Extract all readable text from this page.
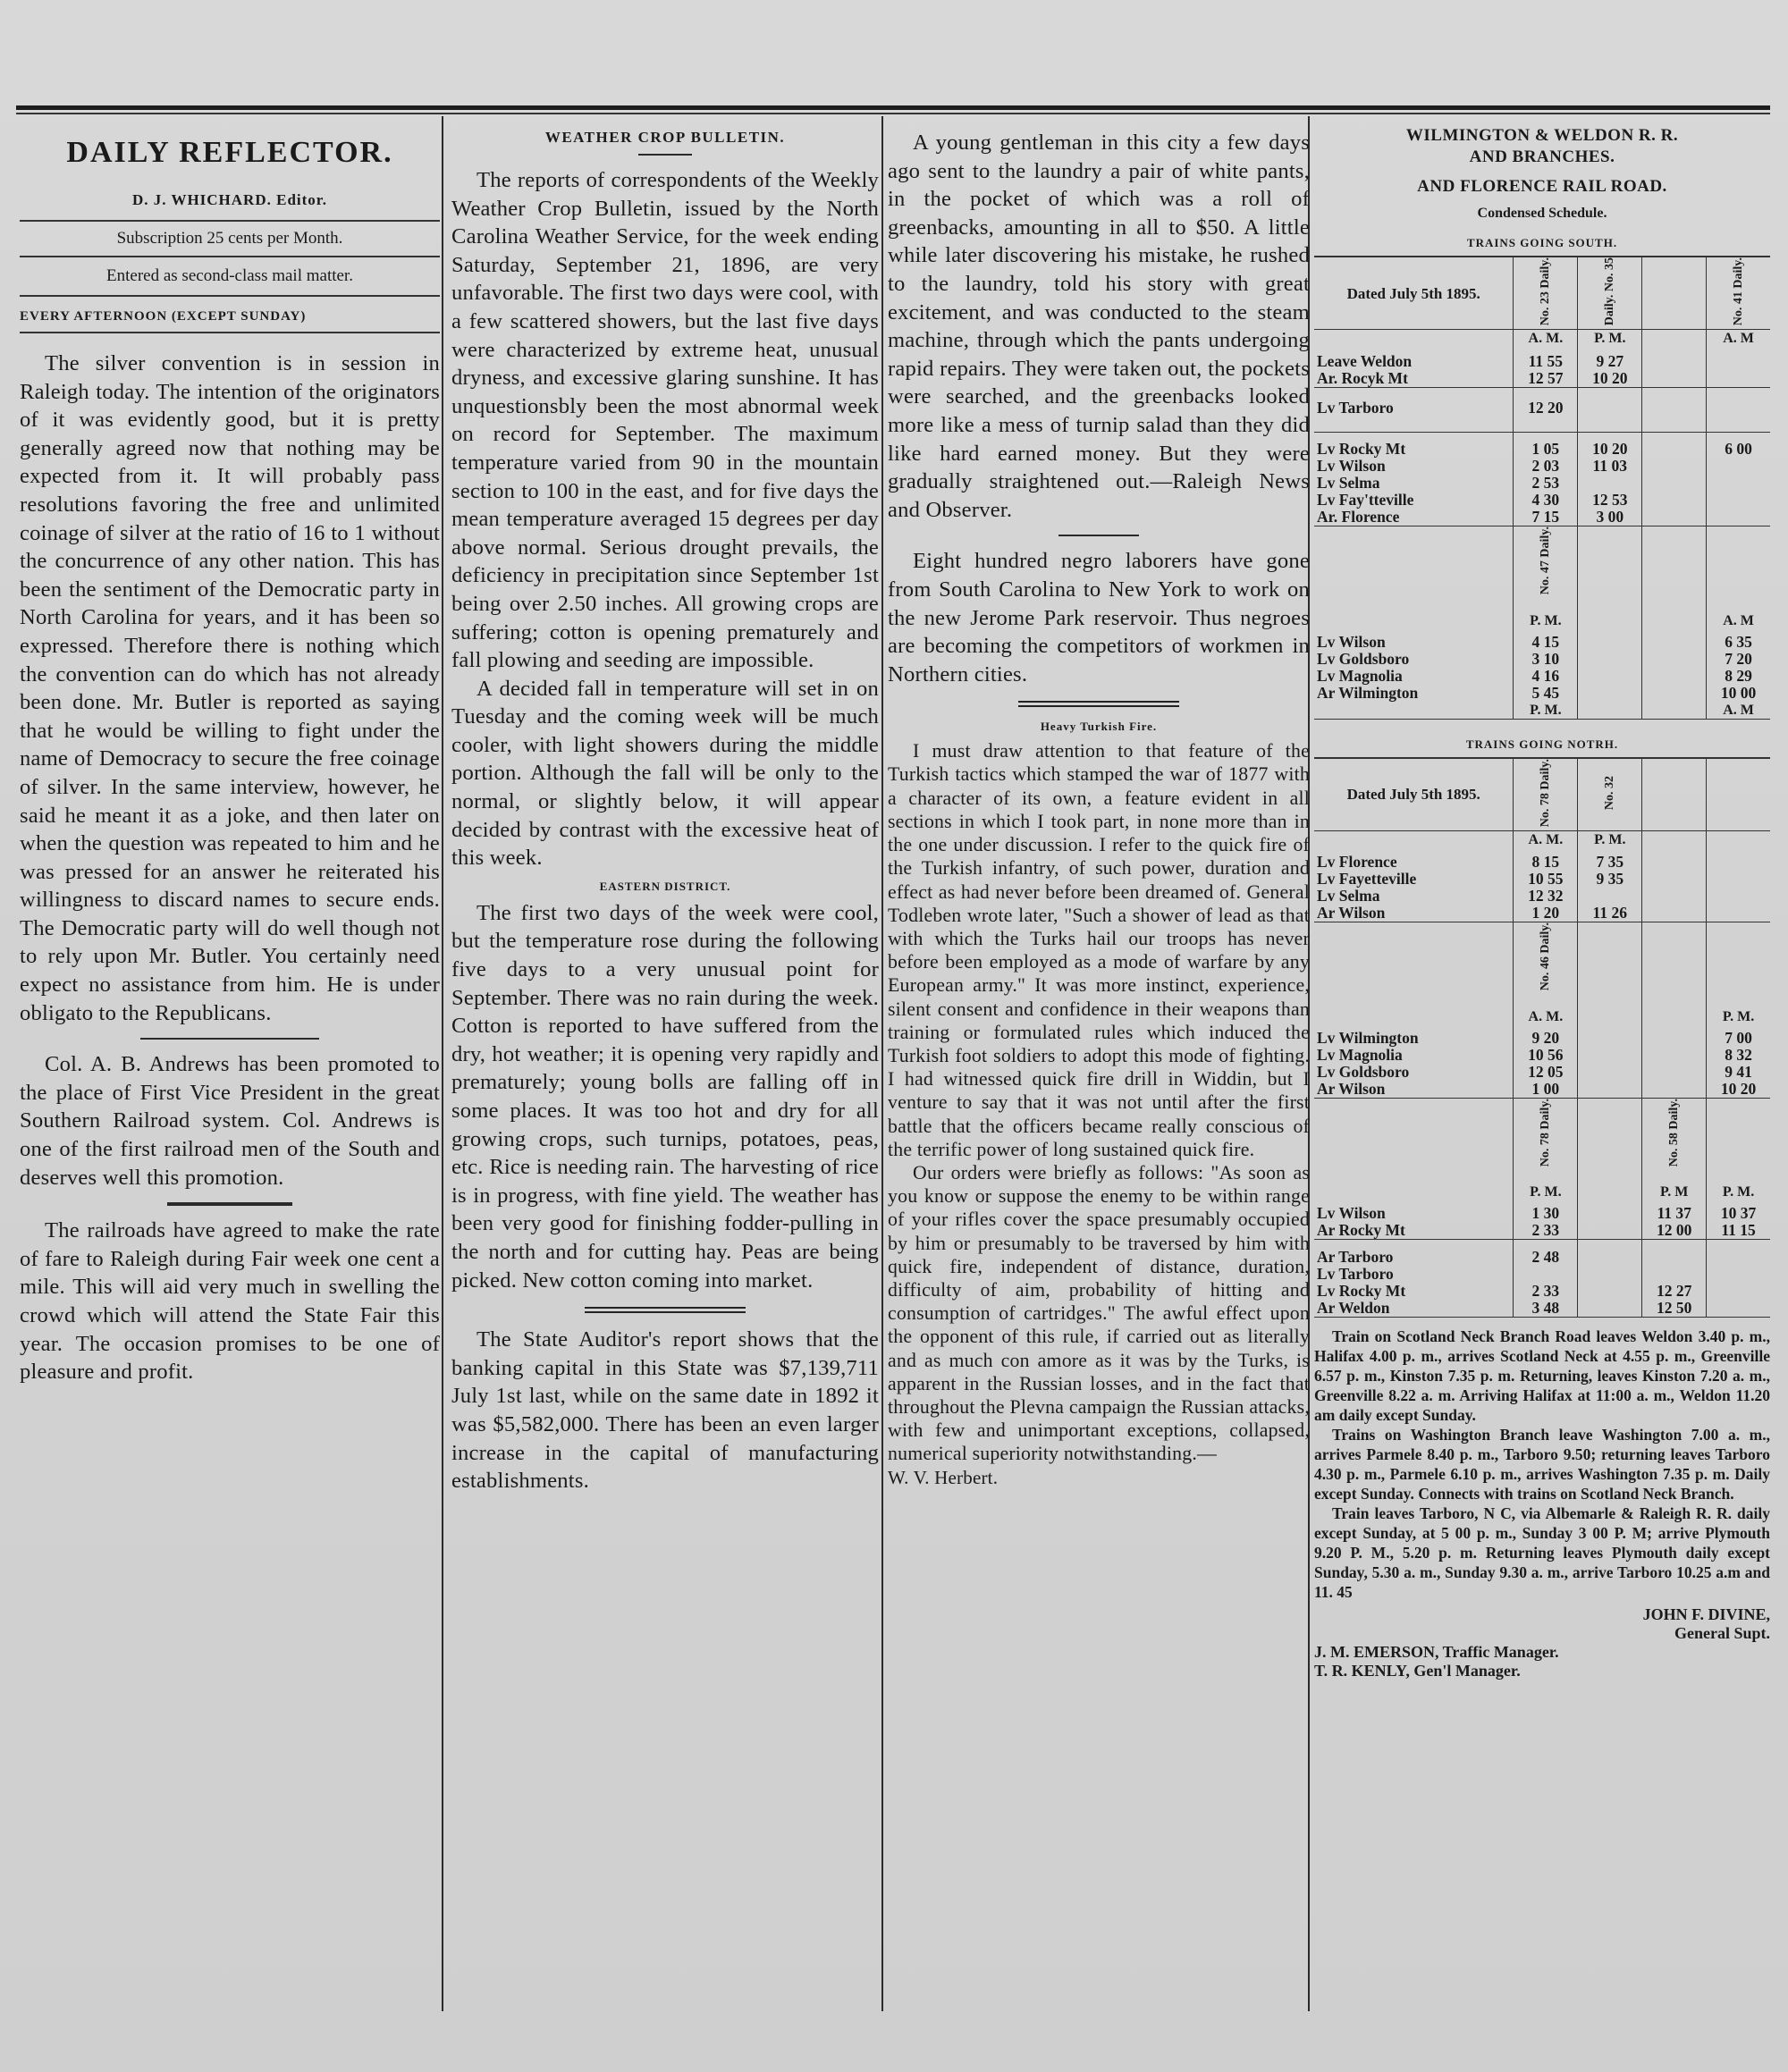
DAILY REFLECTOR.
D. J. WHICHARD. Editor.
Subscription 25 cents per Month.
Entered as second-class mail matter.
EVERY AFTERNOON (EXCEPT SUNDAY)

The silver convention is in session in Raleigh today. The intention of the originators of it was evidently good, but it is pretty generally agreed now that nothing may be expected from it. It will probably pass resolutions favoring the free and unlimited coinage of silver at the ratio of 16 to 1 without the concurrence of any other nation. This has been the sentiment of the Democratic party in North Carolina for years, and it has been so expressed. Therefore there is nothing which the convention can do which has not already been done. Mr. Butler is reported as saying that he would be willing to fight under the name of Democracy to secure the free coinage of silver. In the same interview, however, he said he meant it as a joke, and then later on when the question was repeated to him and he was pressed for an answer he reiterated his willingness to discard names to secure ends. The Democratic party will do well though not to rely upon Mr. Butler. You certainly need expect no assistance from him. He is under obligato to the Republicans.

Col. A. B. Andrews has been promoted to the place of First Vice President in the great Southern Railroad system. Col. Andrews is one of the first railroad men of the South and deserves well this promotion.

The railroads have agreed to make the rate of fare to Raleigh during Fair week one cent a mile. This will aid very much in swelling the crowd which will attend the State Fair this year. The occasion promises to be one of pleasure and profit.

WEATHER CROP BULLETIN.

The reports of correspondents of the Weekly Weather Crop Bulletin, issued by the North Carolina Weather Service, for the week ending Saturday, September 21, 1896, are very unfavorable. The first two days were cool, with a few scattered showers, but the last five days were characterized by extreme heat, unusual dryness, and excessive glaring sunshine. It has unquestionsbly been the most abnormal week on record for September. The maximum temperature varied from 90 in the mountain section to 100 in the east, and for five days the mean temperature averaged 15 degrees per day above normal. Serious drought prevails, the deficiency in precipitation since September 1st being over 2.50 inches. All growing crops are suffering; cotton is opening prematurely and fall plowing and seeding are impossible.

A decided fall in temperature will set in on Tuesday and the coming week will be much cooler, with light showers during the middle portion. Although the fall will be only to the normal, or slightly below, it will appear decided by contrast with the excessive heat of this week.

EASTERN DISTRICT.

The first two days of the week were cool, but the temperature rose during the following five days to a very unusual point for September. There was no rain during the week. Cotton is reported to have suffered from the dry, hot weather; it is opening very rapidly and prematurely; young bolls are falling off in some places. It was too hot and dry for all growing crops, such turnips, potatoes, peas, etc. Rice is needing rain. The harvesting of rice is in progress, with fine yield. The weather has been very good for finishing fodder-pulling in the north and for cutting hay. Peas are being picked. New cotton coming into market.

The State Auditor's report shows that the banking capital in this State was $7,139,711 July 1st last, while on the same date in 1892 it was $5,582,000. There has been an even larger increase in the capital of manufacturing establishments.

A young gentleman in this city a few days ago sent to the laundry a pair of white pants, in the pocket of which was a roll of greenbacks, amounting in all to $50. A little while later discovering his mistake, he rushed to the laundry, told his story with great excitement, and was conducted to the steam machine, through which the pants undergoing rapid repairs. They were taken out, the pockets were searched, and the greenbacks looked more like a mess of turnip salad than they did like hard earned money. But they were gradually straightened out.—Raleigh News and Observer.

Eight hundred negro laborers have gone from South Carolina to New York to work on the new Jerome Park reservoir. Thus negroes are becoming the competitors of workmen in Northern cities.

Heavy Turkish Fire.

I must draw attention to that feature of the Turkish tactics which stamped the war of 1877 with a character of its own, a feature evident in all sections in which I took part, in none more than in the one under discussion. I refer to the quick fire of the Turkish infantry, of such power, duration and effect as had never before been dreamed of. General Todleben wrote later, "Such a shower of lead as that with which the Turks hail our troops has never before been employed as a mode of warfare by any European army." It was more instinct, experience, silent consent and confidence in their weapons than training or formulated rules which induced the Turkish foot soldiers to adopt this mode of fighting. I had witnessed quick fire drill in Widdin, but I venture to say that it was not until after the first battle that the officers became really conscious of the terrific power of long sustained quick fire.

Our orders were briefly as follows: "As soon as you know or suppose the enemy to be within range of your rifles cover the space presumably occupied by him or presumably to be traversed by him with quick fire, independent of distance, duration, difficulty of aim, probability of hitting and consumption of cartridges." The awful effect upon the opponent of this rule, if carried out as literally and as much con amore as it was by the Turks, is apparent in the Russian losses, and in the fact that throughout the Plevna campaign the Russian attacks, with few and unimportant exceptions, collapsed, numerical superiority notwithstanding.—

W. V. Herbert.

WILMINGTON & WELDON R. R.
AND BRANCHES.
AND FLORENCE RAIL ROAD.
Condensed Schedule.
TRAINS GOING SOUTH.
Dated July 5th 1895.	No. 23 Daily.	Daily. No. 35		No. 41 Daily.
	A. M.	P. M.		A. M
Leave Weldon	11 55	9 27		
Ar. Rocyk Mt	12 57	10 20		

Lv Tarboro	12 20			

Lv Rocky Mt	1 05	10 20		6 00
Lv Wilson	2 03	11 03		
Lv Selma	2 53			
Lv Fay'tteville	4 30	12 53		
Ar. Florence	7 15	3 00		
	No. 47 Daily.			
	P. M.			A. M
Lv Wilson	4 15			6 35
Lv Goldsboro	3 10			7 20
Lv Magnolia	4 16			8 29
Ar Wilmington	5 45			10 00
	P. M.			A. M
TRAINS GOING NOTRH.
Dated July 5th 1895.	No. 78 Daily.	No. 32		
	A. M.	P. M.		
Lv Florence	8 15	7 35		
Lv Fayetteville	10 55	9 35		
Lv Selma	12 32			
Ar Wilson	1 20	11 26		
	No. 46 Daily.			
	A. M.			P. M.
Lv Wilmington	9 20			7 00
Lv Magnolia	10 56			8 32
Lv Goldsboro	12 05			9 41
Ar Wilson	1 00			10 20
	No. 78 Daily.		No. 58 Daily.	
	P. M.		P. M	P. M.
Lv Wilson	1 30		11 37	10 37
Ar Rocky Mt	2 33		12 00	11 15

Ar Tarboro	2 48			
Lv Tarboro				
Lv Rocky Mt	2 33		12 27	
Ar Weldon	3 48		12 50	

Train on Scotland Neck Branch Road leaves Weldon 3.40 p. m., Halifax 4.00 p. m., arrives Scotland Neck at 4.55 p. m., Greenville 6.57 p. m., Kinston 7.35 p. m. Returning, leaves Kinston 7.20 a. m., Greenville 8.22 a. m. Arriving Halifax at 11:00 a. m., Weldon 11.20 am daily except Sunday.

Trains on Washington Branch leave Washington 7.00 a. m., arrives Parmele 8.40 p. m., Tarboro 9.50; returning leaves Tarboro 4.30 p. m., Parmele 6.10 p. m., arrives Washington 7.35 p. m. Daily except Sunday. Connects with trains on Scotland Neck Branch.

Train leaves Tarboro, N C, via Albemarle & Raleigh R. R. daily except Sunday, at 5 00 p. m., Sunday 3 00 P. M; arrive Plymouth 9.20 P. M., 5.20 p. m. Returning leaves Plymouth daily except Sunday, 5.30 a. m., Sunday 9.30 a. m., arrive Tarboro 10.25 a.m and 11. 45

JOHN F. DIVINE,
General Supt.
J. M. EMERSON, Traffic Manager.
T. R. KENLY, Gen'l Manager.
